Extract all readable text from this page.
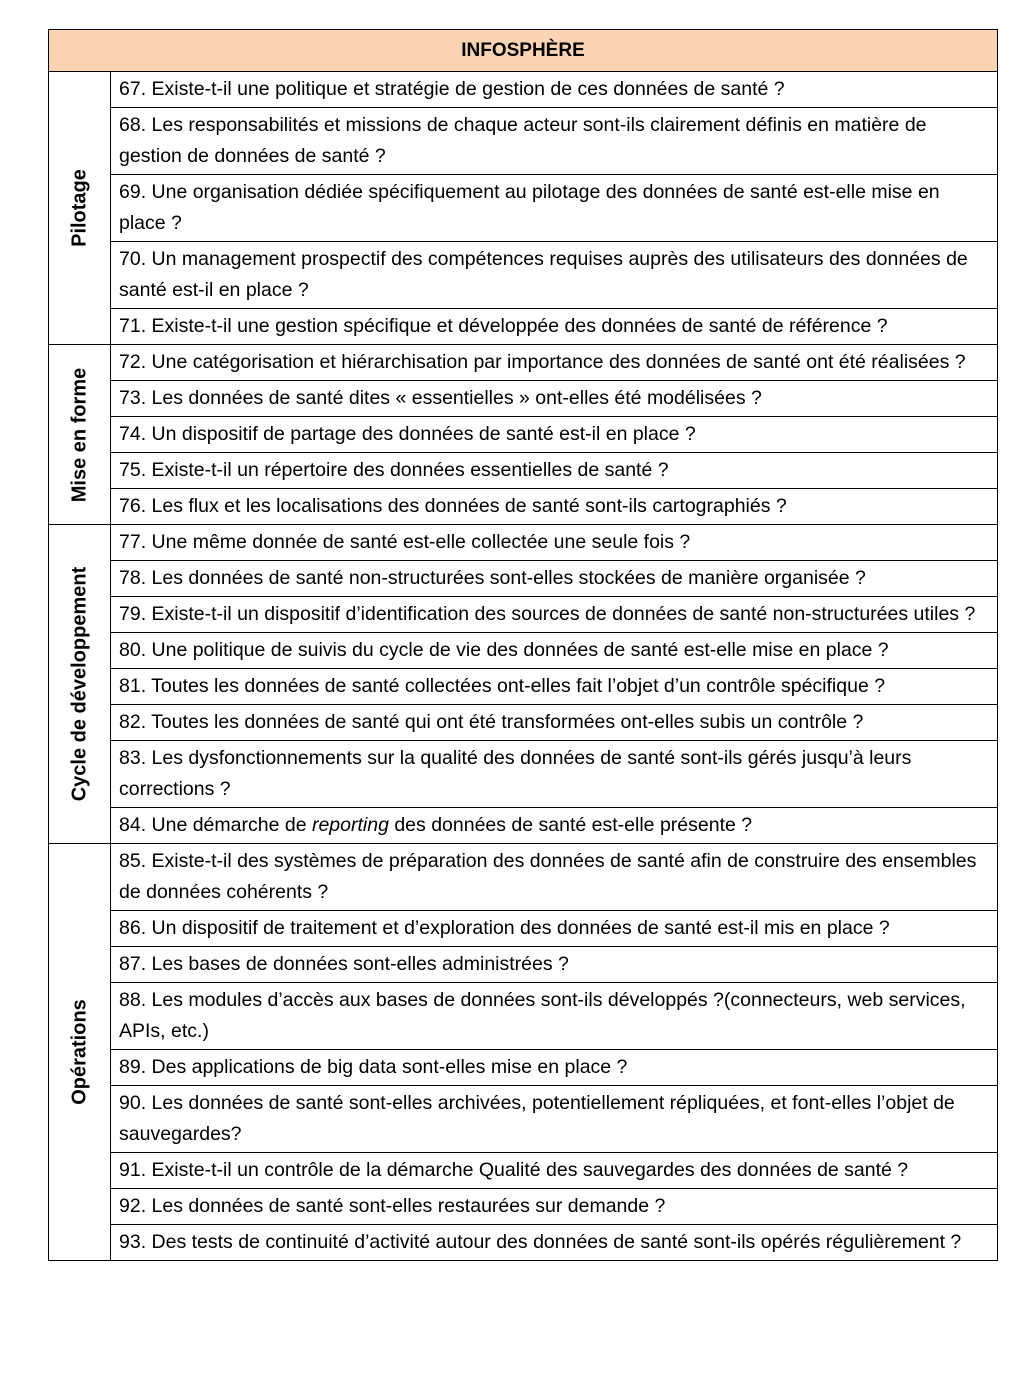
INFOSPHÈRE	

Pilotage	67. Existe-t-il une politique et stratégie de gestion de ces données de santé ?
	68. Les responsabilités et missions de chaque acteur sont-ils clairement définis en matière de gestion de données de santé ?
	69. Une organisation dédiée spécifiquement au pilotage des données de santé est-elle mise en place ?
	70. Un management prospectif des compétences requises auprès des utilisateurs des données de santé est-il en place ?
	71. Existe-t-il une gestion spécifique et développée des données de santé de référence ?

Mise en forme	72. Une catégorisation et hiérarchisation par importance des données de santé ont été réalisées ?
	73. Les données de santé dites « essentielles » ont-elles été modélisées ?
	74. Un dispositif de partage des données de santé est-il en place ?
	75. Existe-t-il un répertoire des données essentielles de santé ?
	76. Les flux et les localisations des données de santé sont-ils cartographiés ?

Cycle de développement	77. Une même donnée de santé est-elle collectée une seule fois ?
	78. Les données de santé non-structurées sont-elles stockées de manière organisée ?
	79. Existe-t-il un dispositif d’identification des sources de données de santé non-structurées utiles ?
	80. Une politique de suivis du cycle de vie des données de santé est-elle mise en place ?
	81. Toutes les données de santé collectées ont-elles fait l’objet d’un contrôle spécifique ?
	82. Toutes les données de santé qui ont été transformées ont-elles subis un contrôle ?
	83. Les dysfonctionnements sur la qualité des données de santé sont-ils gérés jusqu’à leurs corrections ?
	84. Une démarche de reporting des données de santé est-elle présente ?

Opérations	85. Existe-t-il des systèmes de préparation des données de santé afin de construire des ensembles de données cohérents ?
	86. Un dispositif de traitement et d’exploration des données de santé est-il mis en place ?
	87. Les bases de données sont-elles administrées ?
	88. Les modules d’accès aux bases de données sont-ils développés ?(connecteurs, web services, APIs, etc.)
	89. Des applications de big data sont-elles mise en place ?
	90. Les données de santé sont-elles archivées, potentiellement répliquées, et font-elles l’objet de sauvegardes?
	91. Existe-t-il un contrôle de la démarche Qualité des sauvegardes des données de santé ?
	92. Les données de santé sont-elles restaurées sur demande ?
	93. Des tests de continuité d’activité autour des données de santé sont-ils opérés régulièrement ?
